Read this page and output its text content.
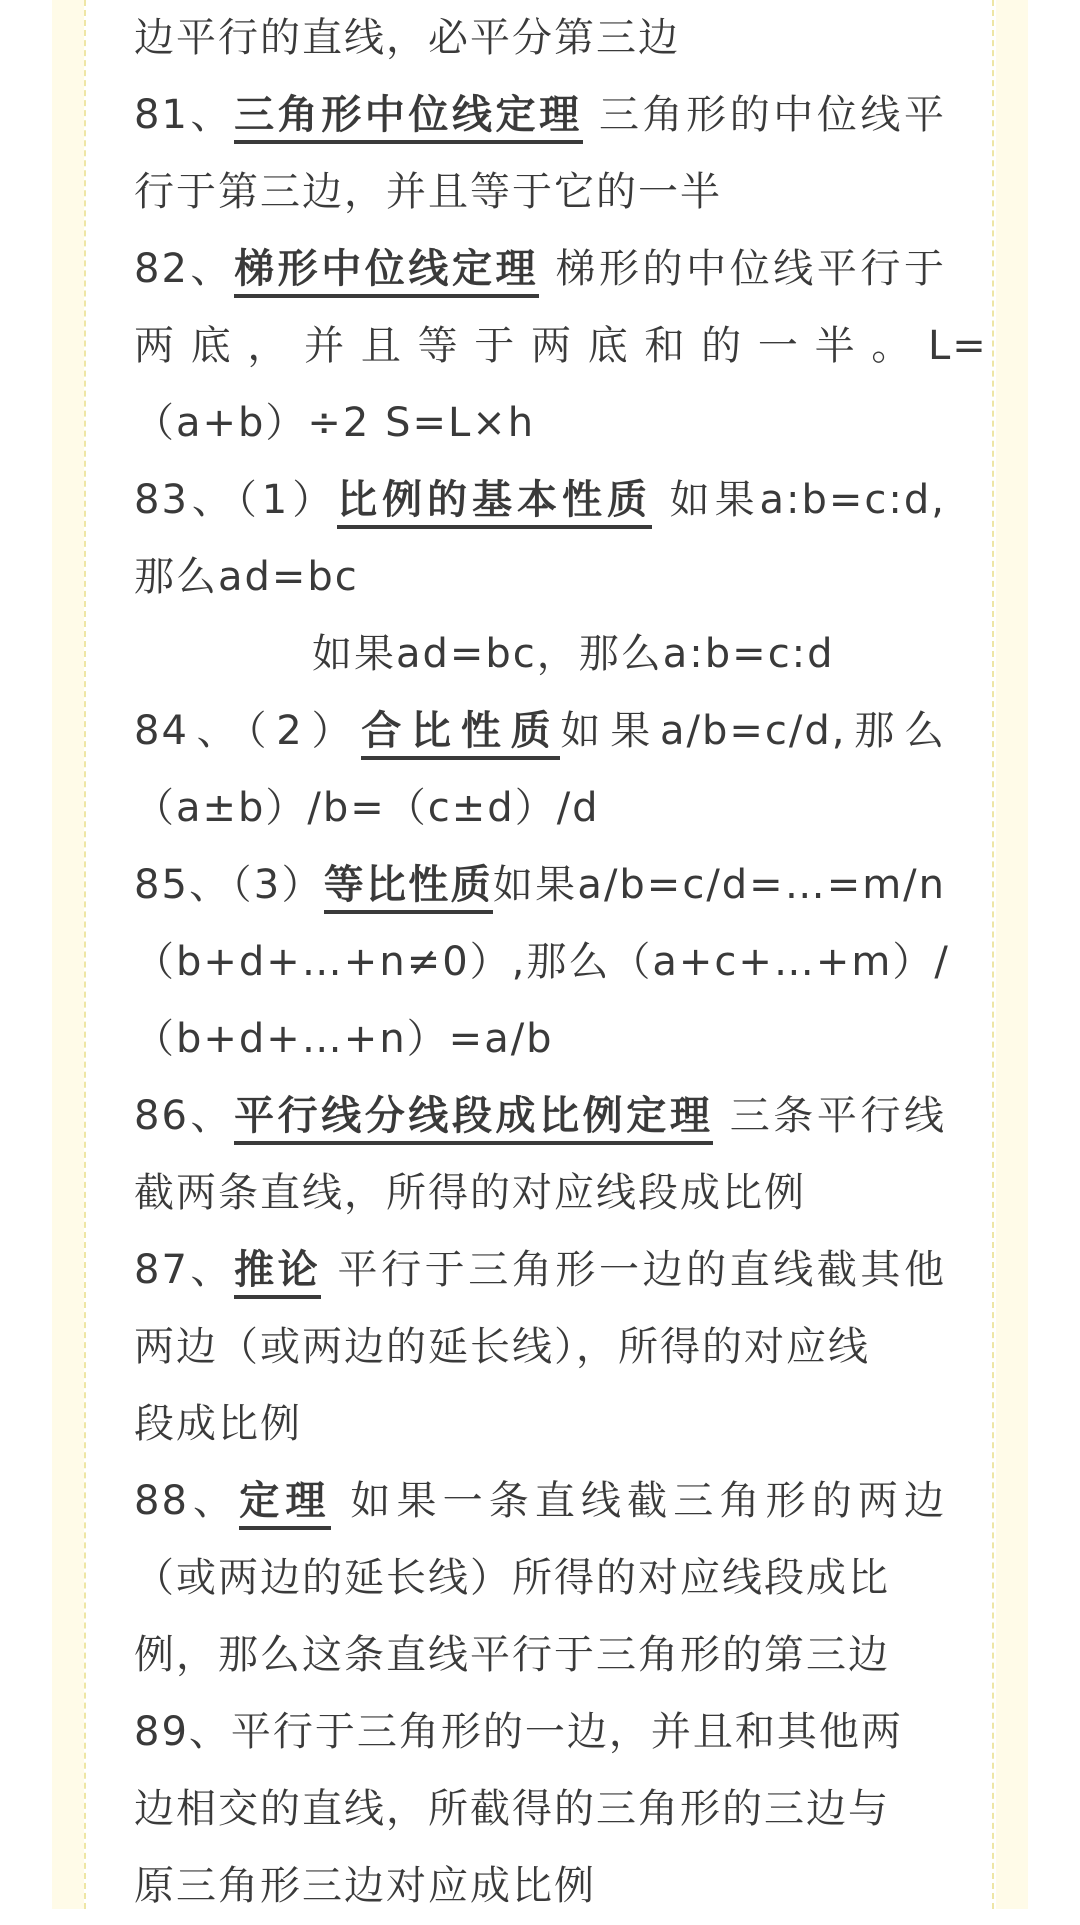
边平行的直线，必平分第三边
81、三角形中位线定理 三角形的中位线平
行于第三边，并且等于它的一半
82、梯形中位线定理 梯形的中位线平行于
两 底 ， 并 且 等 于 两 底 和 的 一 半 。 L=
（a+b）÷2 S=L×h
83、（1）比例的基本性质 如果a:b=c:d,
那么ad=bc
如果ad=bc，那么a:b=c:d
84、（2）合比性质如果a/b=c/d,那么
（a±b）/b=（c±d）/d
85、（3）等比性质如果a/b=c/d=…=m/n
（b+d+…+n≠0）,那么（a+c+…+m）/
（b+d+…+n）=a/b
86、平行线分线段成比例定理 三条平行线
截两条直线，所得的对应线段成比例
87、推论 平行于三角形一边的直线截其他
两边（或两边的延长线），所得的对应线
段成比例
88、定理 如果一条直线截三角形的两边
（或两边的延长线）所得的对应线段成比
例，那么这条直线平行于三角形的第三边
89、平行于三角形的一边，并且和其他两
边相交的直线，所截得的三角形的三边与
原三角形三边对应成比例
